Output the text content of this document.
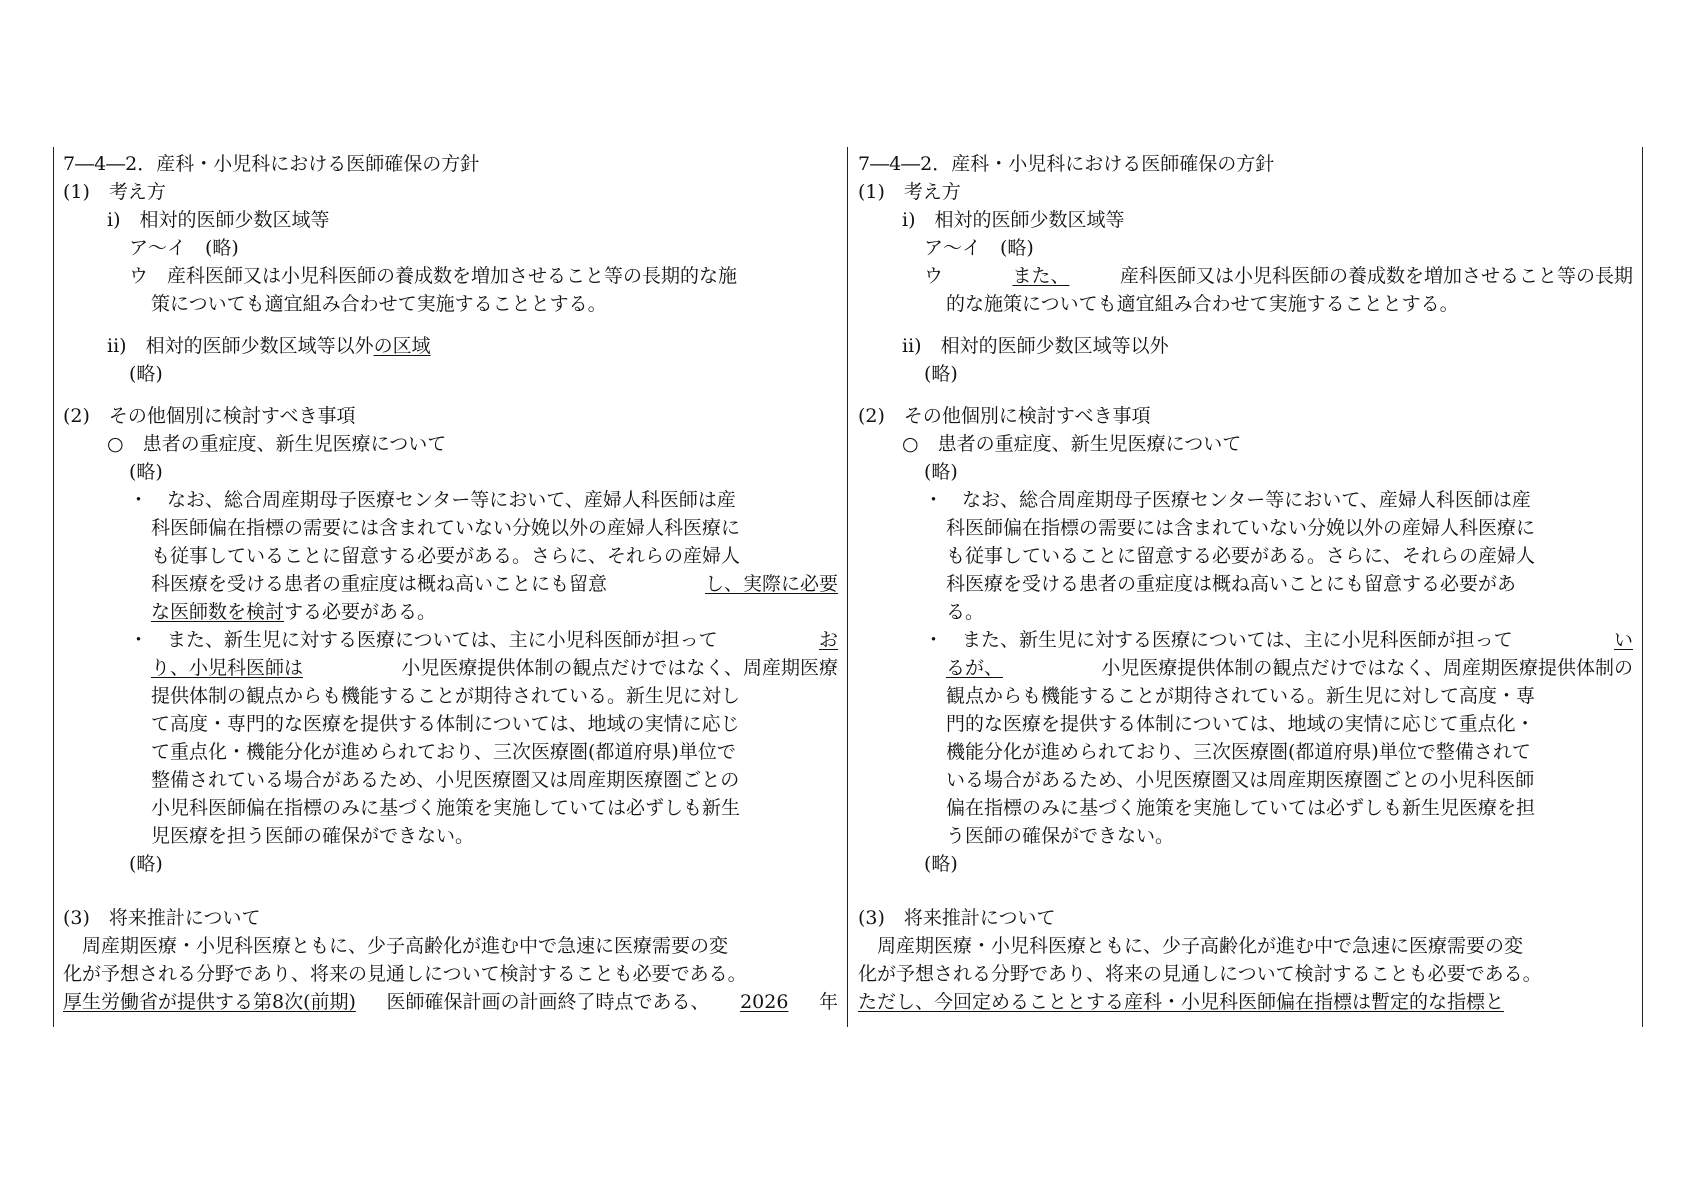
7―4―2．産科・小児科における医師確保の方針
(1)　考え方
i)　相対的医師少数区域等
ア～イ　(略)
ウ　産科医師又は小児科医師の養成数を増加させること等の長期的な施
策についても適宜組み合わせて実施することとする。
ii)　相対的医師少数区域等以外の区域
(略)
(2)　その他個別に検討すべき事項
○　患者の重症度、新生児医療について
(略)
・　なお、総合周産期母子医療センター等において、産婦人科医師は産
科医師偏在指標の需要には含まれていない分娩以外の産婦人科医療に
も従事していることに留意する必要がある。さらに、それらの産婦人
科医療を受ける患者の重症度は概ね高いことにも留意	し、実際に必要
な医師数を検討する必要がある。
・　また、新生児に対する医療については、主に小児科医師が担って	お
り、小児科医師は	小児医療提供体制の観点だけではなく、周産期医療
提供体制の観点からも機能することが期待されている。新生児に対し
て高度・専門的な医療を提供する体制については、地域の実情に応じ
て重点化・機能分化が進められており、三次医療圏(都道府県)単位で
整備されている場合があるため、小児医療圏又は周産期医療圏ごとの
小児科医師偏在指標のみに基づく施策を実施していては必ずしも新生
児医療を担う医師の確保ができない。
(略)
(3)　将来推計について
　周産期医療・小児科医療ともに、少子高齢化が進む中で急速に医療需要の変
化が予想される分野であり、将来の見通しについて検討することも必要である。
厚生労働省が提供する第8次(前期) 医師確保計画の計画終了時点である、 2026 年
7―4―2．産科・小児科における医師確保の方針
(1)　考え方
i)　相対的医師少数区域等
ア～イ　(略)
ウ　	また、	産科医師又は小児科医師の養成数を増加させること等の長期
的な施策についても適宜組み合わせて実施することとする。
ii)　相対的医師少数区域等以外
(略)
(2)　その他個別に検討すべき事項
○　患者の重症度、新生児医療について
(略)
・　なお、総合周産期母子医療センター等において、産婦人科医師は産
科医師偏在指標の需要には含まれていない分娩以外の産婦人科医療に
も従事していることに留意する必要がある。さらに、それらの産婦人
科医療を受ける患者の重症度は概ね高いことにも留意する必要があ
る。
・　また、新生児に対する医療については、主に小児科医師が担って	い
るが、	小児医療提供体制の観点だけではなく、周産期医療提供体制の
観点からも機能することが期待されている。新生児に対して高度・専
門的な医療を提供する体制については、地域の実情に応じて重点化・
機能分化が進められており、三次医療圏(都道府県)単位で整備されて
いる場合があるため、小児医療圏又は周産期医療圏ごとの小児科医師
偏在指標のみに基づく施策を実施していては必ずしも新生児医療を担
う医師の確保ができない。
(略)
(3)　将来推計について
　周産期医療・小児科医療ともに、少子高齢化が進む中で急速に医療需要の変
化が予想される分野であり、将来の見通しについて検討することも必要である。
ただし、今回定めることとする産科・小児科医師偏在指標は暫定的な指標と
